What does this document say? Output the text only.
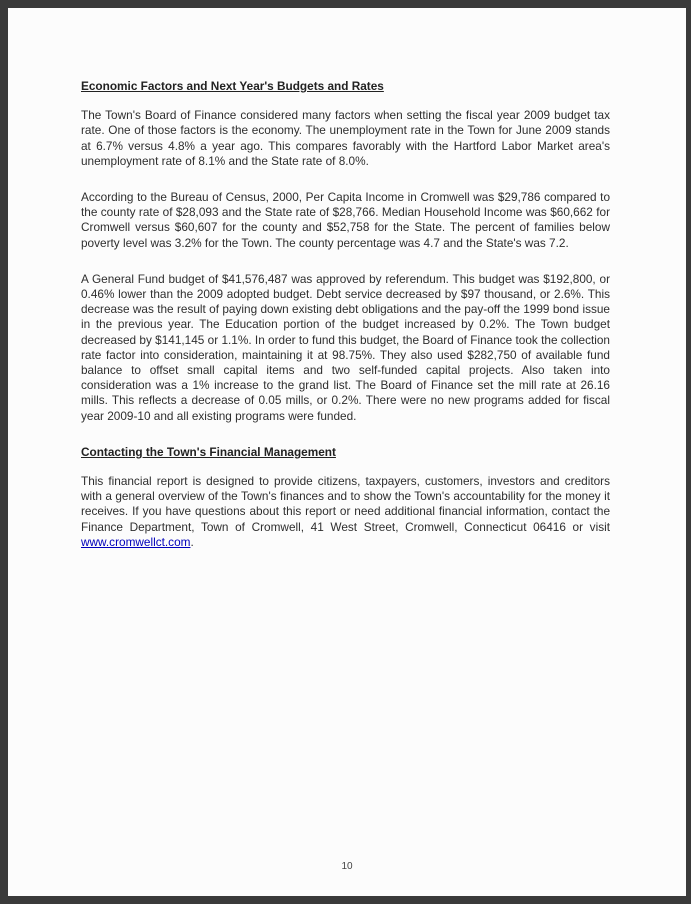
Economic Factors and Next Year's Budgets and Rates

The Town's Board of Finance considered many factors when setting the fiscal year 2009 budget tax rate. One of those factors is the economy. The unemployment rate in the Town for June 2009 stands at 6.7% versus 4.8% a year ago. This compares favorably with the Hartford Labor Market area's unemployment rate of 8.1% and the State rate of 8.0%.

According to the Bureau of Census, 2000, Per Capita Income in Cromwell was $29,786 compared to the county rate of $28,093 and the State rate of $28,766. Median Household Income was $60,662 for Cromwell versus $60,607 for the county and $52,758 for the State. The percent of families below poverty level was 3.2% for the Town. The county percentage was 4.7 and the State's was 7.2.

A General Fund budget of $41,576,487 was approved by referendum. This budget was $192,800, or 0.46% lower than the 2009 adopted budget. Debt service decreased by $97 thousand, or 2.6%. This decrease was the result of paying down existing debt obligations and the pay-off the 1999 bond issue in the previous year. The Education portion of the budget increased by 0.2%. The Town budget decreased by $141,145 or 1.1%. In order to fund this budget, the Board of Finance took the collection rate factor into consideration, maintaining it at 98.75%. They also used $282,750 of available fund balance to offset small capital items and two self-funded capital projects. Also taken into consideration was a 1% increase to the grand list. The Board of Finance set the mill rate at 26.16 mills. This reflects a decrease of 0.05 mills, or 0.2%. There were no new programs added for fiscal year 2009-10 and all existing programs were funded.

Contacting the Town's Financial Management

This financial report is designed to provide citizens, taxpayers, customers, investors and creditors with a general overview of the Town's finances and to show the Town's accountability for the money it receives. If you have questions about this report or need additional financial information, contact the Finance Department, Town of Cromwell, 41 West Street, Cromwell, Connecticut 06416 or visit www.cromwellct.com.

10
